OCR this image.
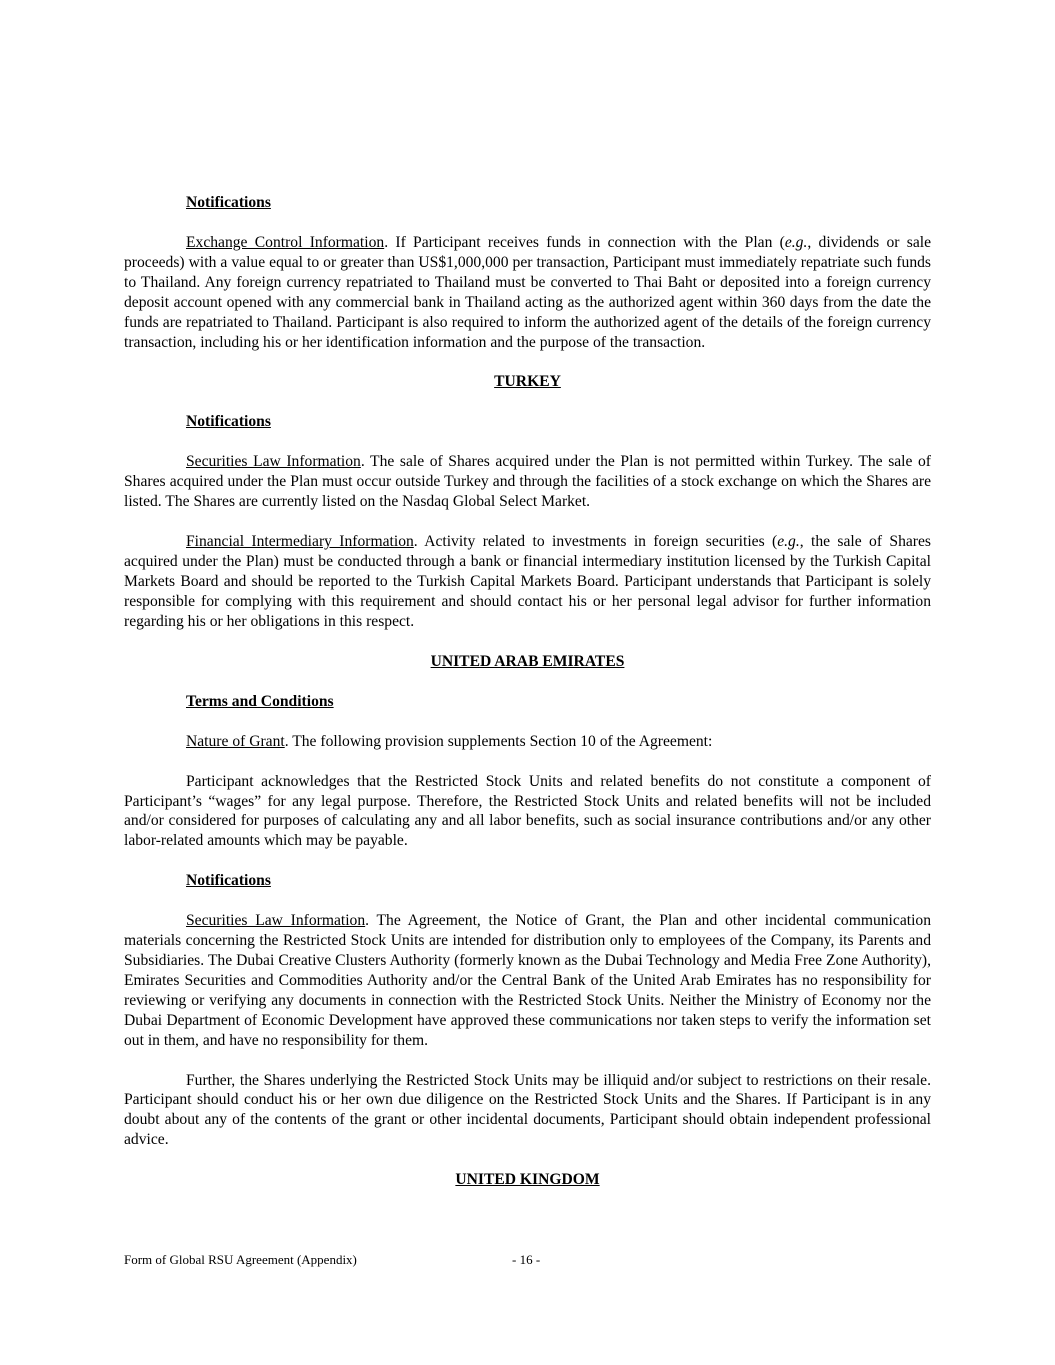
Notifications

Exchange Control Information. If Participant receives funds in connection with the Plan (e.g., dividends or sale proceeds) with a value equal to or greater than US$1,000,000 per transaction, Participant must immediately repatriate such funds to Thailand. Any foreign currency repatriated to Thailand must be converted to Thai Baht or deposited into a foreign currency deposit account opened with any commercial bank in Thailand acting as the authorized agent within 360 days from the date the funds are repatriated to Thailand. Participant is also required to inform the authorized agent of the details of the foreign currency transaction, including his or her identification information and the purpose of the transaction.

TURKEY
Notifications

Securities Law Information. The sale of Shares acquired under the Plan is not permitted within Turkey. The sale of Shares acquired under the Plan must occur outside Turkey and through the facilities of a stock exchange on which the Shares are listed. The Shares are currently listed on the Nasdaq Global Select Market.

Financial Intermediary Information. Activity related to investments in foreign securities (e.g., the sale of Shares acquired under the Plan) must be conducted through a bank or financial intermediary institution licensed by the Turkish Capital Markets Board and should be reported to the Turkish Capital Markets Board. Participant understands that Participant is solely responsible for complying with this requirement and should contact his or her personal legal advisor for further information regarding his or her obligations in this respect.

UNITED ARAB EMIRATES
Terms and Conditions

Nature of Grant. The following provision supplements Section 10 of the Agreement:

Participant acknowledges that the Restricted Stock Units and related benefits do not constitute a component of Participant’s “wages” for any legal purpose. Therefore, the Restricted Stock Units and related benefits will not be included and/or considered for purposes of calculating any and all labor benefits, such as social insurance contributions and/or any other labor-related amounts which may be payable.

Notifications

Securities Law Information. The Agreement, the Notice of Grant, the Plan and other incidental communication materials concerning the Restricted Stock Units are intended for distribution only to employees of the Company, its Parents and Subsidiaries. The Dubai Creative Clusters Authority (formerly known as the Dubai Technology and Media Free Zone Authority), Emirates Securities and Commodities Authority and/or the Central Bank of the United Arab Emirates has no responsibility for reviewing or verifying any documents in connection with the Restricted Stock Units. Neither the Ministry of Economy nor the Dubai Department of Economic Development have approved these communications nor taken steps to verify the information set out in them, and have no responsibility for them.

Further, the Shares underlying the Restricted Stock Units may be illiquid and/or subject to restrictions on their resale. Participant should conduct his or her own due diligence on the Restricted Stock Units and the Shares. If Participant is in any doubt about any of the contents of the grant or other incidental documents, Participant should obtain independent professional advice.

UNITED KINGDOM
Form of Global RSU Agreement (Appendix)	- 16 -
